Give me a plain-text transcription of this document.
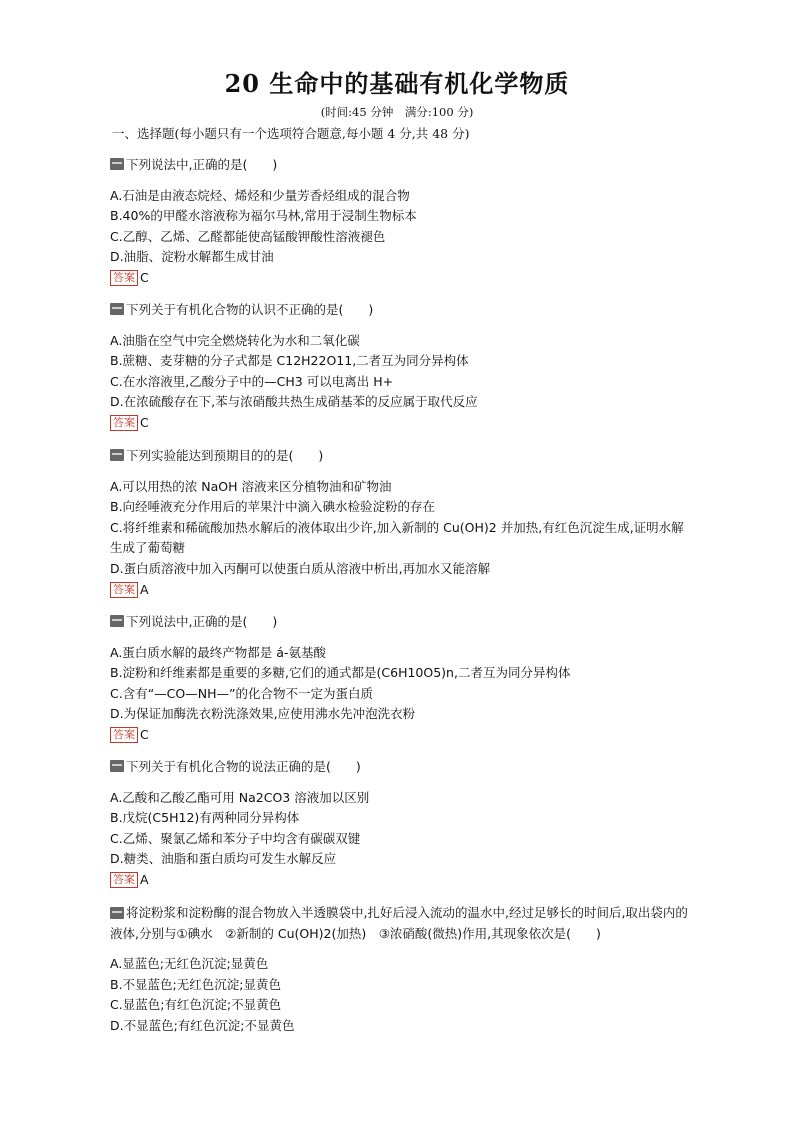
20 生命中的基础有机化学物质
(时间:45 分钟　满分:100 分)
一、选择题(每小题只有一个选项符合题意,每小题 4 分,共 48 分)
下列说法中,正确的是(　　)
A.石油是由液态烷烃、烯烃和少量芳香烃组成的混合物
B.40%的甲醛水溶液称为福尔马林,常用于浸制生物标本
C.乙醇、乙烯、乙醛都能使高锰酸钾酸性溶液褪色
D.油脂、淀粉水解都生成甘油
答案 C
下列关于有机化合物的认识不正确的是(　　)
A.油脂在空气中完全燃烧转化为水和二氧化碳
B.蔗糖、麦芽糖的分子式都是 C12H22O11,二者互为同分异构体
C.在水溶液里,乙酸分子中的—CH3 可以电离出 H+
D.在浓硫酸存在下,苯与浓硝酸共热生成硝基苯的反应属于取代反应
答案 C
下列实验能达到预期目的的是(　　)
A.可以用热的浓 NaOH 溶液来区分植物油和矿物油
B.向经唾液充分作用后的苹果汁中滴入碘水检验淀粉的存在
C.将纤维素和稀硫酸加热水解后的液体取出少许,加入新制的 Cu(OH)2 并加热,有红色沉淀生成,证明水解生成了葡萄糖
D.蛋白质溶液中加入丙酮可以使蛋白质从溶液中析出,再加水又能溶解
答案 A
下列说法中,正确的是(　　)
A.蛋白质水解的最终产物都是 á-氨基酸
B.淀粉和纤维素都是重要的多糖,它们的通式都是(C6H10O5)n,二者互为同分异构体
C.含有“—CO—NH—”的化合物不一定为蛋白质
D.为保证加酶洗衣粉洗涤效果,应使用沸水先冲泡洗衣粉
答案 C
下列关于有机化合物的说法正确的是(　　)
A.乙酸和乙酸乙酯可用 Na2CO3 溶液加以区别
B.戊烷(C5H12)有两种同分异构体
C.乙烯、聚氯乙烯和苯分子中均含有碳碳双键
D.糖类、油脂和蛋白质均可发生水解反应
答案 A
将淀粉浆和淀粉酶的混合物放入半透膜袋中,扎好后浸入流动的温水中,经过足够长的时间后,取出袋内的液体,分别与①碘水　②新制的 Cu(OH)2(加热)　③浓硝酸(微热)作用,其现象依次是(　　)
A.显蓝色;无红色沉淀;显黄色
B.不显蓝色;无红色沉淀;显黄色
C.显蓝色;有红色沉淀;不显黄色
D.不显蓝色;有红色沉淀;不显黄色
